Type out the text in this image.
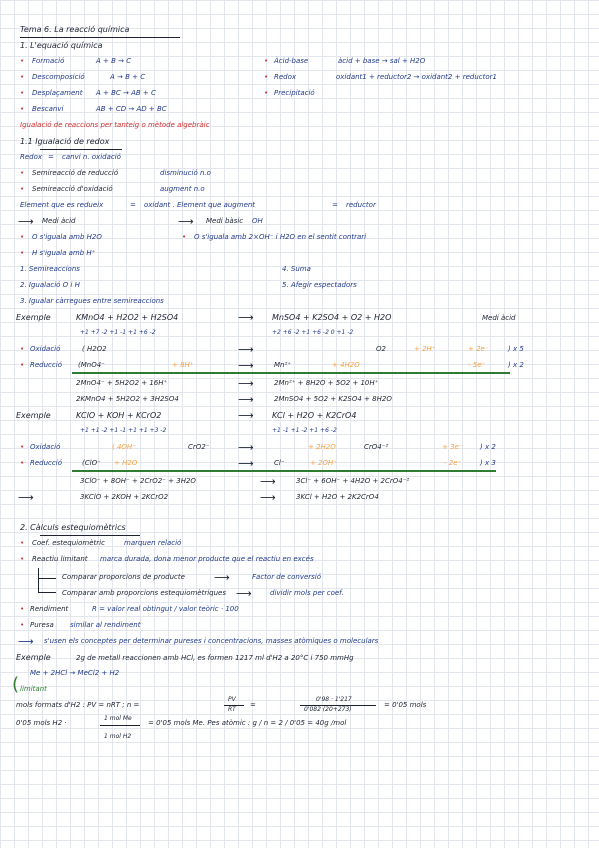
Tema 6. La reacció química
1. L'equació química
• Formació	A + B → C
• Descomposició	A → B + C
• Desplaçament A + BC → AB + C
• Bescanvi	AB + CD → AD + BC
• Àcid-base	àcid + base → sal + H2O
• Redox	oxidant1 + reductor2 → oxidant2 + reductor1
• Precipitació
Igualació de reaccions per tanteig o mètode algebràic
1.1 Igualació de redox
Redox = canvi n. oxidació
• Semireacció de reducció	disminució n.o
• Semireacció d'oxidació	augment n.o
Element que es redueix	= oxidant . Element que augment	= reductor
⟶ Medi àcid	⟶ Medi bàsic OH
• O s'iguala amb H2O	• O s'iguala amb 2×OH⁻ i H2O en el sentit contrari
• H s'iguala amb H⁺
1. Semireaccions
2. Igualació O i H
3. Igualar càrregues entre semireaccions
4. Suma
5. Afegir espectadors
Exemple	KMnO4 + H2O2 + H2SO4	⟶ MnSO4 + K2SO4 + O2 + H2O	Medi àcid
+1 +7 -2 +1 -1 +1 +6 -2	+2 +6 -2 +1 +6 -2 0 +1 -2
• Oxidació	( H2O2	⟶	O2	+ 2H⁺	+ 2e⁻	) x 5
• Reducció (MnO4⁻	+ 8H⁺	⟶	Mn²⁺	+ 4H2O	- 5e⁻	) x 2
2MnO4⁻ + 5H2O2 + 16H⁺	⟶	2Mn²⁺ + 8H2O + 5O2 + 10H⁺
2KMnO4 + 5H2O2 + 3H2SO4	⟶	2MnSO4 + 5O2 + K2SO4 + 8H2O
Exemple	KClO + KOH + KCrO2	⟶ KCl + H2O + K2CrO4
+1 +1 -2 +1 -1 +1 +1 +3 -2	+1 -1 +1 -2 +1 +6 -2
• Oxidació	( 4OH⁻	CrO2⁻	⟶	+ 2H2O	CrO4⁻²	+ 3e⁻ ) x 2
• Reducció	(ClO⁻ + H2O	⟶	Cl⁻	+ 2OH⁻	- 2e⁻	) x 3
3ClO⁻ + 8OH⁻ + 2CrO2⁻ + 3H2O	⟶	3Cl⁻ + 6OH⁻ + 4H2O + 2CrO4⁻²
⟶	3KClO + 2KOH + 2KCrO2	⟶	3KCl + H2O + 2K2CrO4
2. Càlculs estequiomètrics
• Coef. estequiomètric	marquen relació
• Reactiu limitant marca durada, dona menor producte que el reactiu en excés
Comparar proporcions de producte	⟶	Factor de conversió
Comparar amb proporcions estequiomètriques ⟶	dividir mols per coef.
• Rendiment	R = valor real obtingut / valor teòric · 100
• Puresa similar al rendiment
⟶ s'usen els conceptes per determinar pureses i concentracions, masses atòmiques o moleculars
Exemple	2g de metall reaccionen amb HCl, es formen 1217 ml d'H2 a 20°C i 750 mmHg
Me + 2HCl → MeCl2 + H2
( limitant
mols formats d'H2 : PV = nRT ; n =
PV
RT
=
0'98 · 1'217
0'082 (20+273)
= 0'05 mols
0'05 mols H2 ·
1 mol Me
1 mol H2
= 0'05 mols Me. Pes atòmic : g / n = 2 / 0'05 = 40g /mol
